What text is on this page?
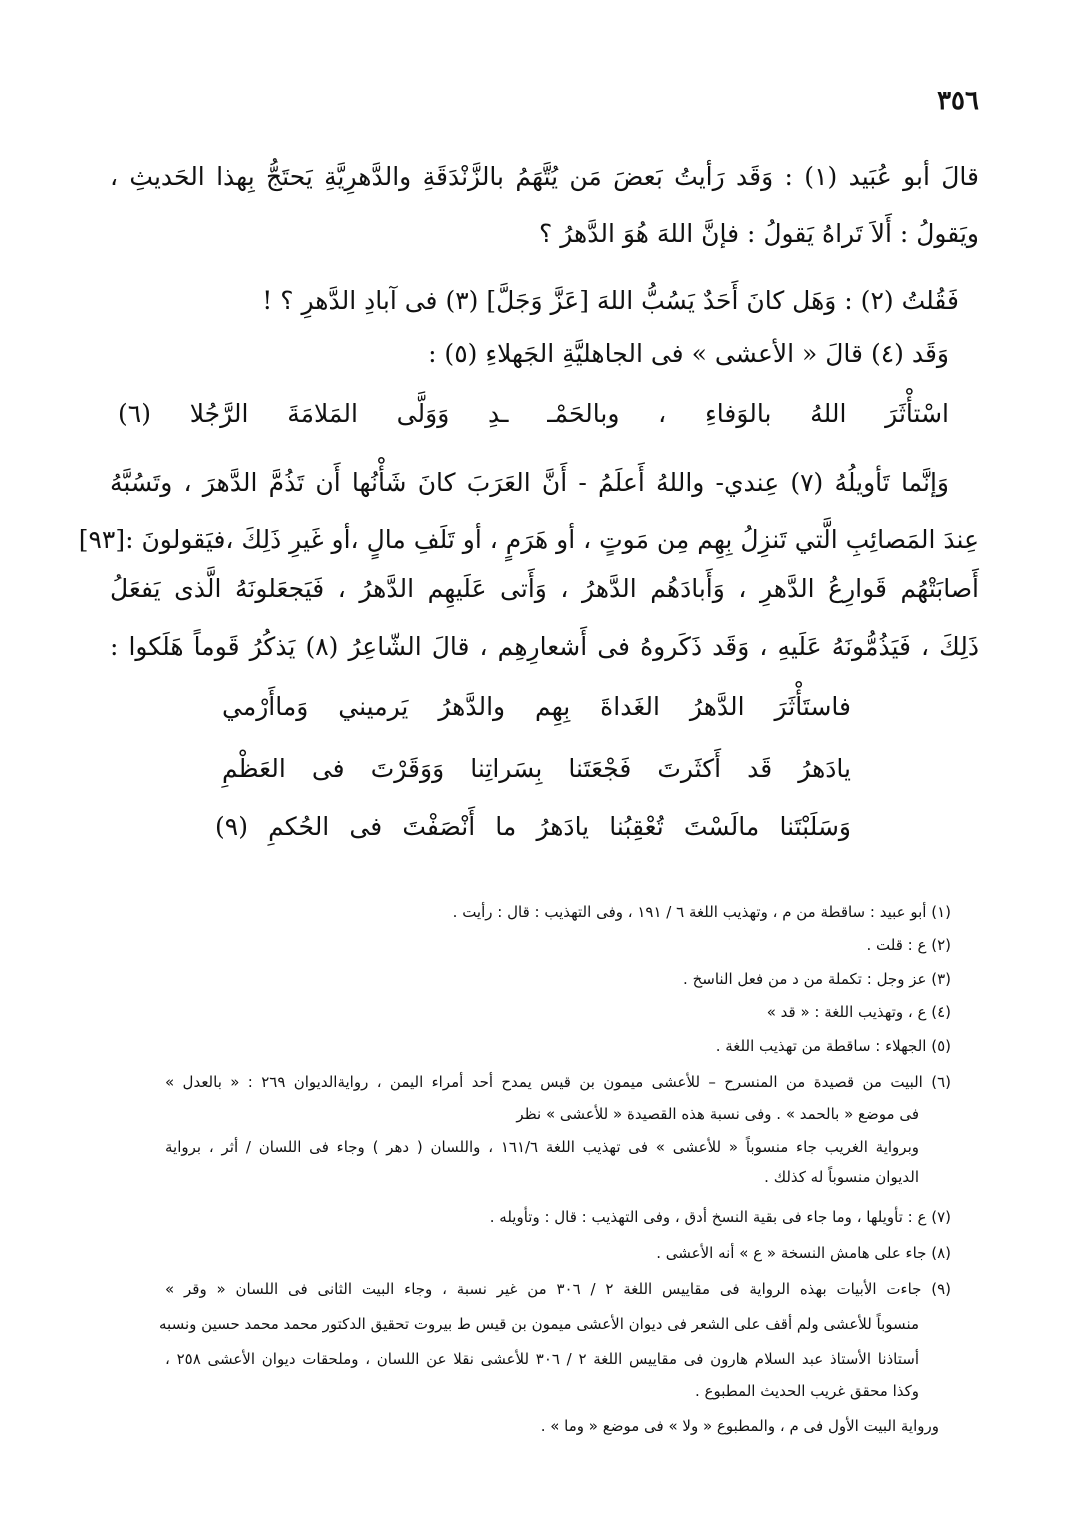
٣٥٦
قالَ أبو عُبَيد (١) : وَقَد رَأيتُ بَعضَ مَن يُتَّهَمُ بالزَّنْدَقَةِ والدَّهرِيَّةِ يَحتَجُّ بِهذا الحَديثِ ،
ويَقولُ : أَلاَ تَراهُ يَقولُ : فإنَّ اللهَ هُوَ الدَّهرُ ؟
فَقُلتُ (٢) : وَهَل كانَ أَحَدٌ يَسُبُّ اللهَ [عَزَّ وَجَلَّ] (٣) فى آبادِ الدَّهرِ ؟ !
وَقَد (٤) قالَ « الأعشى » فى الجاهليَّةِ الجَهلاءِ (٥) :
اسْتأْثَرَ اللهُ بالوَفاءِ ، وبالحَمْـ ـدِ وَوَلَّى المَلامَةَ الرَّجُلا (٦)
وَإنَّما تَأويلُهُ (٧) عِندي- واللهُ أَعلَمُ - أَنَّ العَرَبَ كانَ شَأْنُها أَن تَذُمَّ الدَّهرَ ، وتَسُبَّهُ
عِندَ المَصائِبِ الَّتي تَنزِلُ بِهِم مِن مَوتٍ ، أو هَرَمٍ ، أو تَلَفِ مالٍ ،أو غَيرِ ذَلِكَ ،فيَقولونَ :[٩٣]
أَصابَتْهُم قَوارِعُ الدَّهرِ ، وَأَبادَهُم الدَّهرُ ، وَأَتى عَلَيهِم الدَّهرُ ، فَيَجعَلونَهُ الَّذى يَفعَلُ
ذَلِكَ ، فَيَذُمُّونَهُ عَلَيهِ ، وَقَد ذَكَروهُ فى أَشعارِهِم ، قالَ الشّاعِرُ (٨) يَذكُرُ قَوماً هَلَكوا :
فاستَأْثَرَ الدَّهرُ الغَداةَ بِهِم والدَّهرُ يَرميني وَماأَرْمي
يادَهرُ قَد أَكثَرتَ فَجْعَتَنا بِسَراتِنا وَوَقَرْتَ فى العَظْمِ
وَسَلَبْتَنا مالَسْتَ تُعْقِبُنا يادَهرُ ما أَنْصَفْتَ فى الحُكمِ (٩)
(١) أبو عبيد : ساقطة من م ، وتهذيب اللغة ٦ / ١٩١ ، وفى التهذيب : قال : رأيت .
(٢) ع : قلت .
(٣) عز وجل : تكملة من د من فعل الناسخ .
(٤) ع ، وتهذيب اللغة : « قد »
(٥) الجهلاء : ساقطة من تهذيب اللغة .
(٦) البيت من قصيدة من المنسرح – للأعشى ميمون بن قيس يمدح أحد أمراء اليمن ، روايةالديوان ٢٦٩ : « بالعدل »
فى موضع « بالحمد » . وفى نسبة هذه القصيدة « للأعشى » نظر
وبرواية الغريب جاء منسوباً « للأعشى » فى تهذيب اللغة ١٦١/٦ ، واللسان ( دهر ) وجاء فى اللسان / أثر ، برواية
الديوان منسوباً له كذلك .
(٧) ع : تأويلها ، وما جاء فى بقية النسخ أدق ، وفى التهذيب : قال : وتأويله .
(٨) جاء على هامش النسخة « ع » أنه الأعشى .
(٩) جاءت الأبيات بهذه الرواية فى مقاييس اللغة ٢ / ٣٠٦ من غير نسبة ، وجاء البيت الثانى فى اللسان « وقر »
منسوباً للأعشى ولم أقف على الشعر فى ديوان الأعشى ميمون بن قيس ط بيروت تحقيق الدكتور محمد محمد حسين ونسبه
أستاذنا الأستاذ عبد السلام هارون فى مقاييس اللغة ٢ / ٣٠٦ للأعشى نقلا عن اللسان ، وملحقات ديوان الأعشى ٢٥٨ ،
وكذا محقق غريب الحديث المطبوع .
ورواية البيت الأول فى م ، والمطبوع « ولا » فى موضع « وما » .
